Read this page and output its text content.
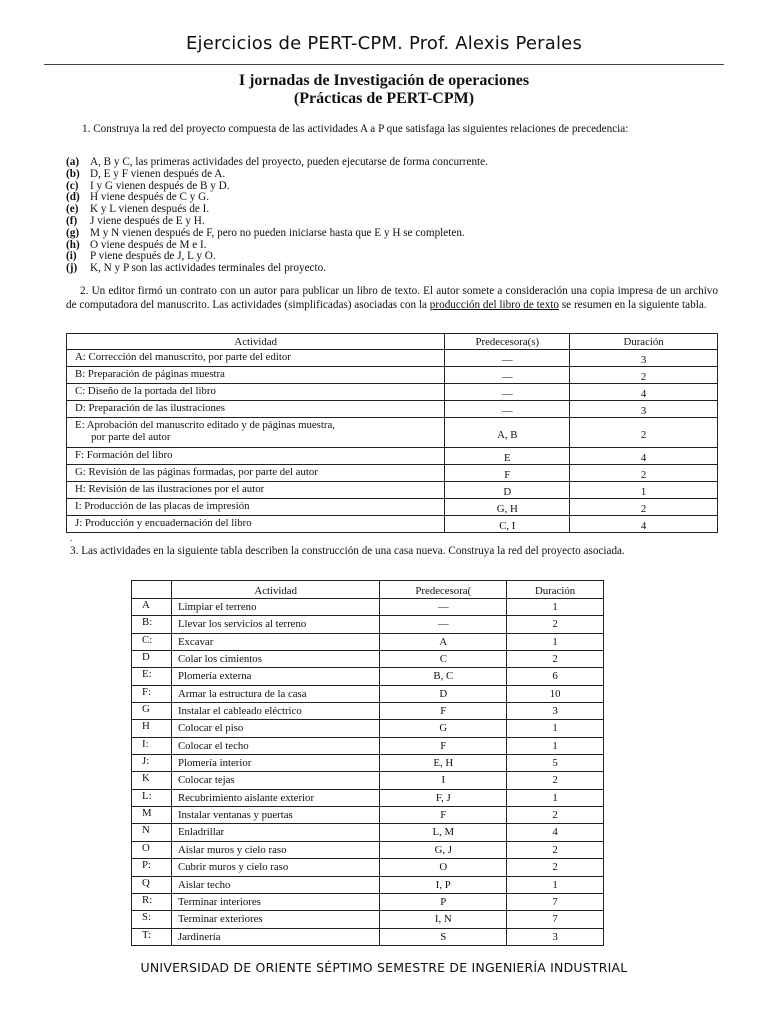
Ejercicios de PERT-CPM. Prof. Alexis Perales
I jornadas de Investigación de operaciones
(Prácticas de PERT-CPM)
1. Construya la red del proyecto compuesta de las actividades A a P que satisfaga las siguientes relaciones de precedencia:
(a) A, B y C, las primeras actividades del proyecto, pueden ejecutarse de forma concurrente.
(b) D, E y F vienen después de A.
(c) I y G vienen después de B y D.
(d) H viene después de C y G.
(e) K y L vienen después de I.
(f) J viene después de E y H.
(g) M y N vienen después de F, pero no pueden iniciarse hasta que E y H se completen.
(h) O viene después de M e I.
(i) P viene después de J, L y O.
(j) K, N y P son las actividades terminales del proyecto.
2. Un editor firmó un contrato con un autor para publicar un libro de texto. El autor somete a consideración una copia impresa de un archivo de computadora del manuscrito. Las actividades (simplificadas) asociadas con la producción del libro de texto se resumen en la siguiente tabla.
Actividad	Predecesora(s)	Duración
A: Corrección del manuscrito, por parte del editor	—	3
B: Preparación de páginas muestra	—	2
C: Diseño de la portada del libro	—	4
D: Preparación de las ilustraciones	—	3

E: Aprobación del manuscrito editado y de páginas muestra,
por parte del autor	A, B	2
F: Formación del libro	E	4
G: Revisión de las páginas formadas, por parte del autor	F	2
H: Revisión de las ilustraciones por el autor	D	1
I: Producción de las placas de impresión	G, H	2
J: Producción y encuadernación del libro	C, I	4
.
3. Las actividades en la siguiente tabla describen la construcción de una casa nueva. Construya la red del proyecto asociada.
	Actividad	Predecesora(	Duración
A	Limpiar el terreno	—	1
B:	Llevar los servicios al terreno	—	2
C:	Excavar	A	1
D	Colar los cimientos	C	2
E:	Plomería externa	B, C	6
F:	Armar la estructura de la casa	D	10
G	Instalar el cableado eléctrico	F	3
H	Colocar el piso	G	1
I:	Colocar el techo	F	1
J:	Plomería interior	E, H	5
K	Colocar tejas	I	2
L:	Recubrimiento aislante exterior	F, J	1
M	Instalar ventanas y puertas	F	2
N	Enladrillar	L, M	4
O	Aislar muros y cielo raso	G, J	2
P:	Cubrir muros y cielo raso	O	2
Q	Aislar techo	I, P	1
R:	Terminar interiores	P	7
S:	Terminar exteriores	I, N	7
T:	Jardinería	S	3
UNIVERSIDAD DE ORIENTE SÉPTIMO SEMESTRE DE INGENIERÍA INDUSTRIAL
